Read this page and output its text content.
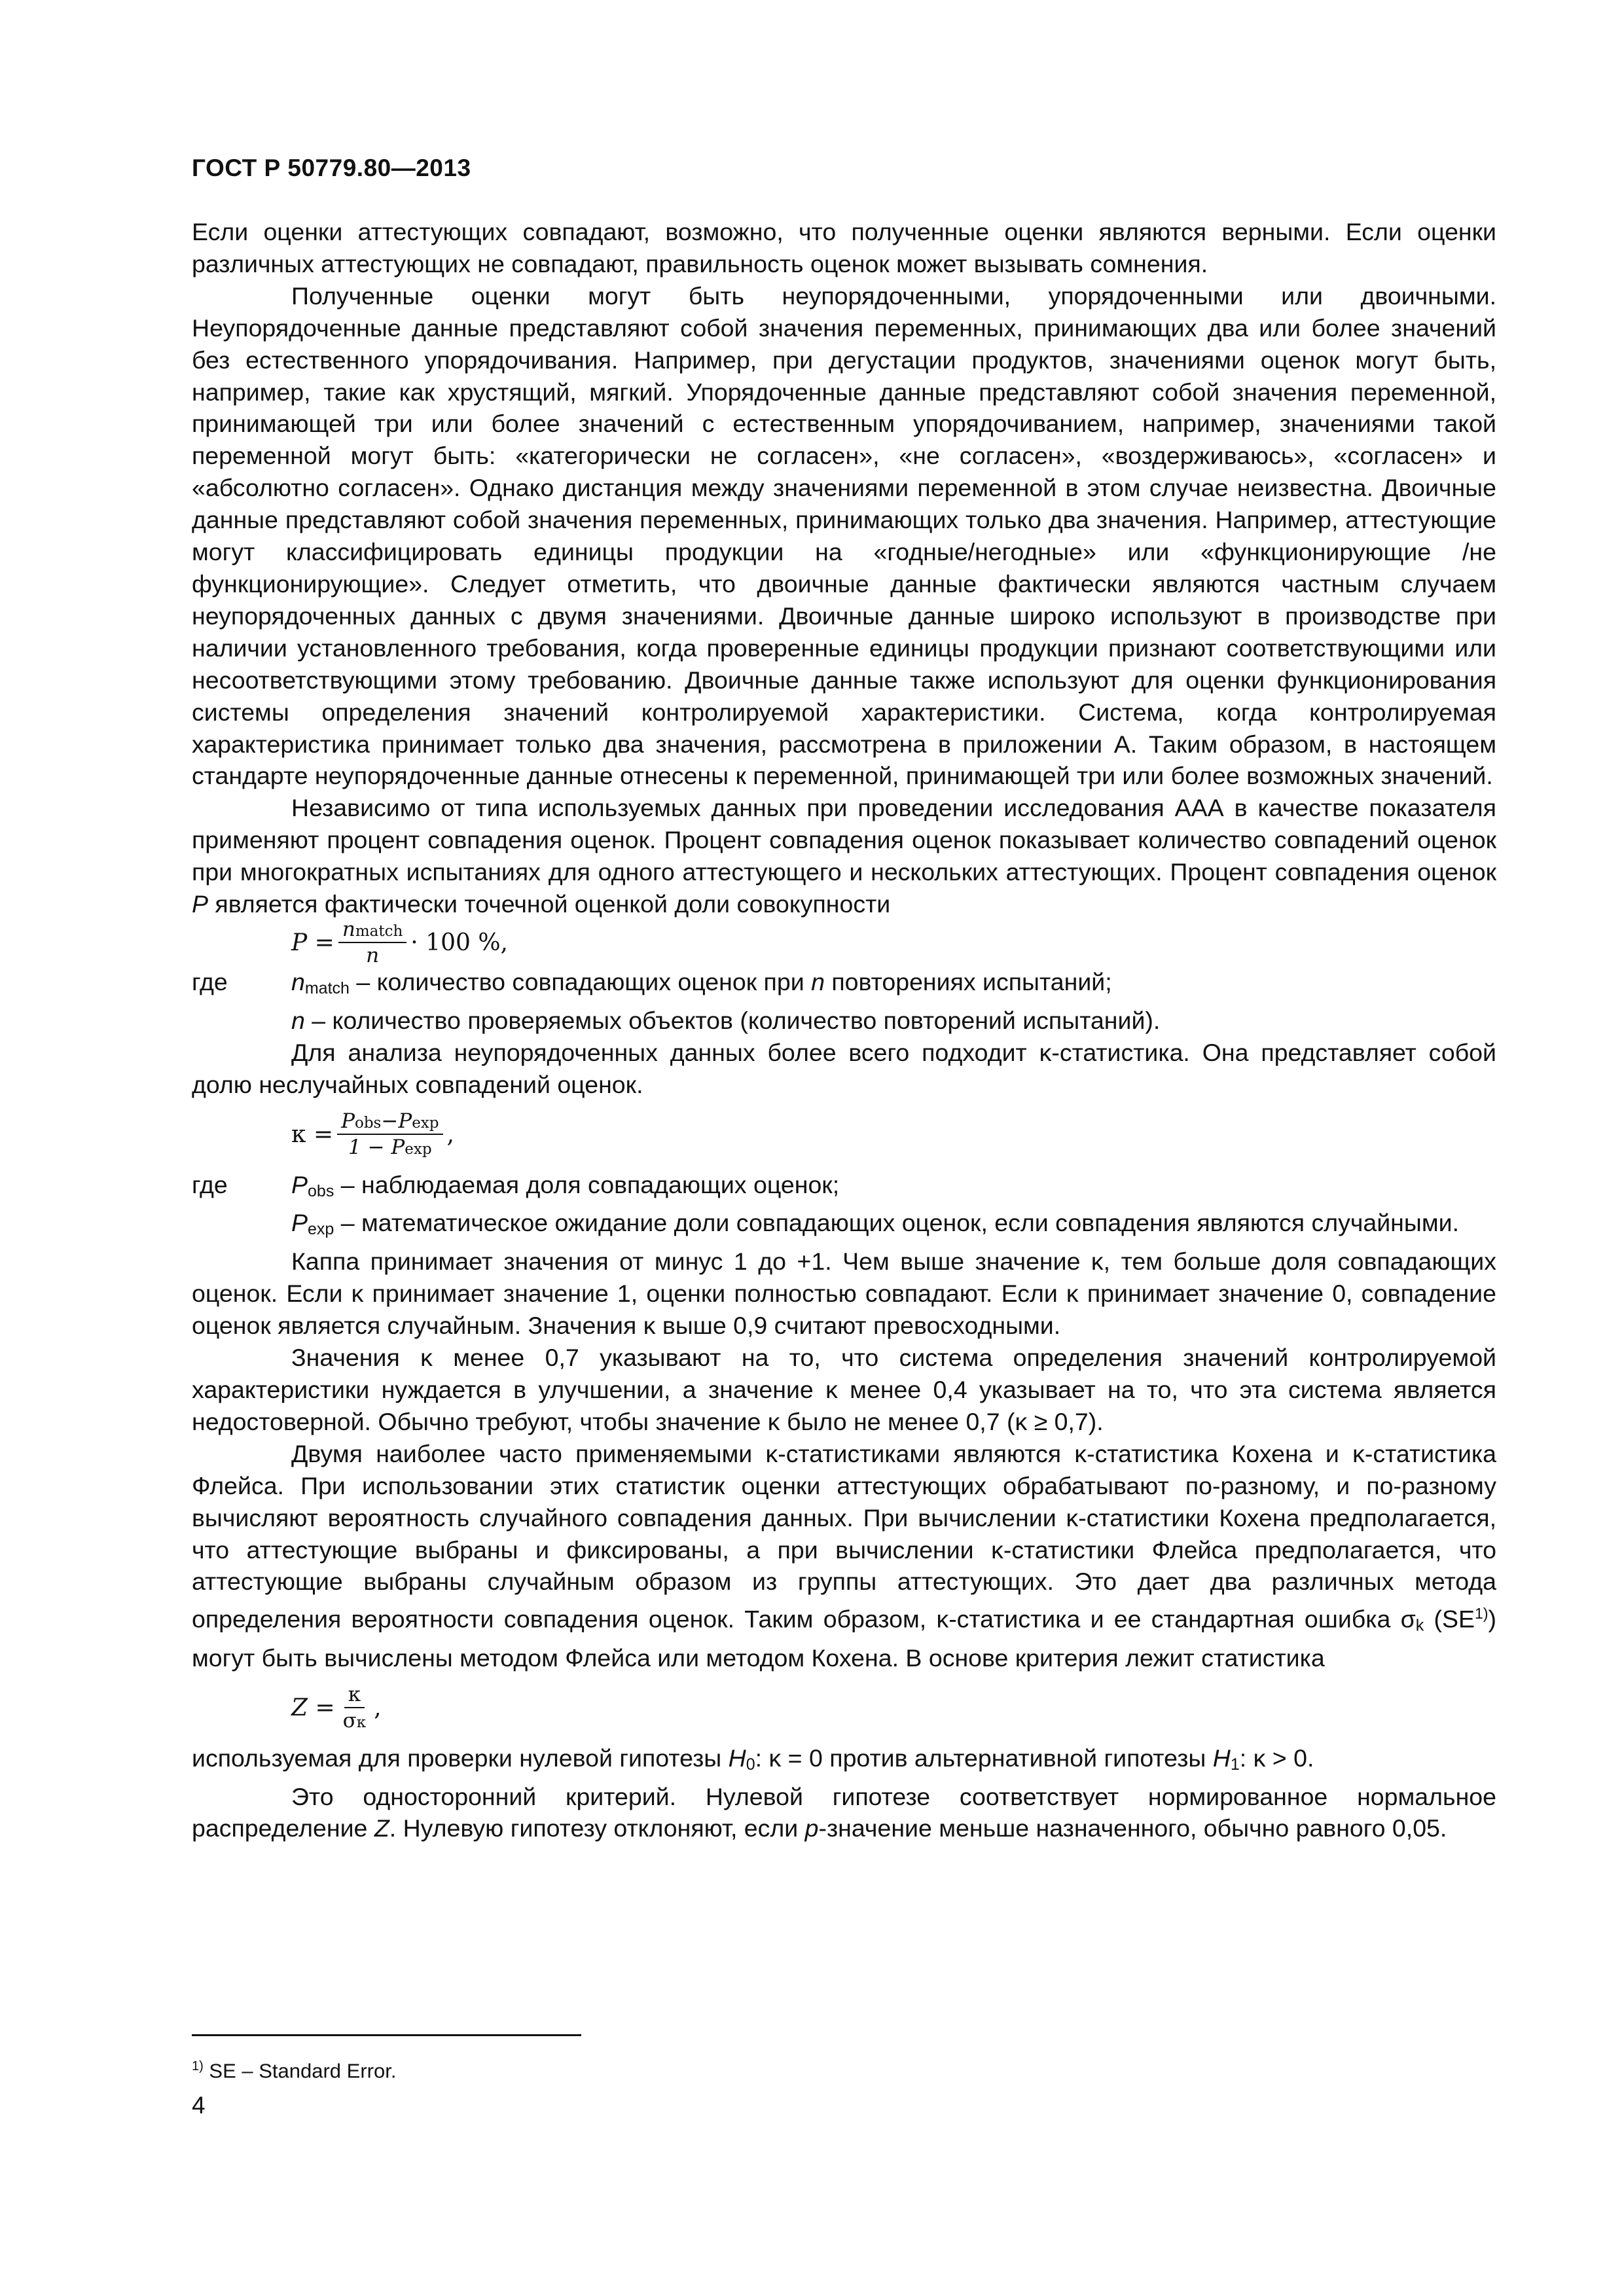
ГОСТ Р 50779.80—2013

Если оценки аттестующих совпадают, возможно, что полученные оценки являются верными. Если оценки различных аттестующих не совпадают, правильность оценок может вызывать сомнения.

Полученные оценки могут быть неупорядоченными, упорядоченными или двоичными. Неупорядоченные данные представляют собой значения переменных, принимающих два или более значений без естественного упорядочивания. Например, при дегустации продуктов, значениями оценок могут быть, например, такие как хрустящий, мягкий. Упорядоченные данные представляют собой значения переменной, принимающей три или более значений с естественным упорядочиванием, например, значениями такой переменной могут быть: «категорически не согласен», «не согласен», «воздерживаюсь», «согласен» и «абсолютно согласен». Однако дистанция между значениями переменной в этом случае неизвестна. Двоичные данные представляют собой значения переменных, принимающих только два значения. Например, аттестующие могут классифицировать единицы продукции на «годные/негодные» или «функционирующие /не функционирующие». Следует отметить, что двоичные данные фактически являются частным случаем неупорядоченных данных с двумя значениями. Двоичные данные широко используют в производстве при наличии установленного требования, когда проверенные единицы продукции признают соответствующими или несоответствующими этому требованию. Двоичные данные также используют для оценки функционирования системы определения значений контролируемой характеристики. Система, когда контролируемая характеристика принимает только два значения, рассмотрена в приложении А. Таким образом, в настоящем стандарте неупорядоченные данные отнесены к переменной, принимающей три или более возможных значений.

Независимо от типа используемых данных при проведении исследования ААА в качестве показателя применяют процент совпадения оценок. Процент совпадения оценок показывает количество совпадений оценок при многократных испытаниях для одного аттестующего и нескольких аттестующих. Процент совпадения оценок P является фактически точечной оценкой доли совокупности

$P = \frac{\text{nmatch}}{n} \cdot 100$ %,
где	$n_{match}$ – количество совпадающих оценок при n повторениях испытаний;
n – количество проверяемых объектов (количество повторений испытаний).

Для анализа неупорядоченных данных более всего подходит κ-статистика. Она представляет собой долю неслучайных совпадений оценок.

$\kappa = \frac{\text{Pobs−Pexp}}{1 - Pexp}$ ,
где	$P_{obs}$ – наблюдаемая доля совпадающих оценок;

$P_{exp}$ – математическое ожидание доли совпадающих оценок, если совпадения являются случайными.

Каппа принимает значения от минус 1 до +1. Чем выше значение κ, тем больше доля совпадающих оценок. Если κ принимает значение 1, оценки полностью совпадают. Если κ принимает значение 0, совпадение оценок является случайным. Значения κ выше 0,9 считают превосходными.

Значения κ менее 0,7 указывают на то, что система определения значений контролируемой характеристики нуждается в улучшении, а значение κ менее 0,4 указывает на то, что эта система является недостоверной. Обычно требуют, чтобы значение κ было не менее 0,7 (κ ≥ 0,7).

Двумя наиболее часто применяемыми κ-статистиками являются κ-статистика Кохена и κ-статистика Флейса. При использовании этих статистик оценки аттестующих обрабатывают по-разному, и по-разному вычисляют вероятность случайного совпадения данных. При вычислении κ-статистики Кохена предполагается, что аттестующие выбраны и фиксированы, а при вычислении κ-статистики Флейса предполагается, что аттестующие выбраны случайным образом из группы аттестующих. Это дает два различных метода определения вероятности совпадения оценок. Таким образом, κ-статистика и ее стандартная ошибка $\sigma_k$ (SE$^{1)}$) могут быть вычислены методом Флейса или методом Кохена. В основе критерия лежит статистика

$Z = \frac{\kappa}{\sigma\kappa}$ ,

используемая для проверки нулевой гипотезы $H_0$: κ = 0 против альтернативной гипотезы $H_1$: κ > 0.

Это односторонний критерий. Нулевой гипотезе соответствует нормированное нормальное распределение Z. Нулевую гипотезу отклоняют, если p-значение меньше назначенного, обычно равного 0,05.

$^{1)}$ SE – Standard Error.
4
